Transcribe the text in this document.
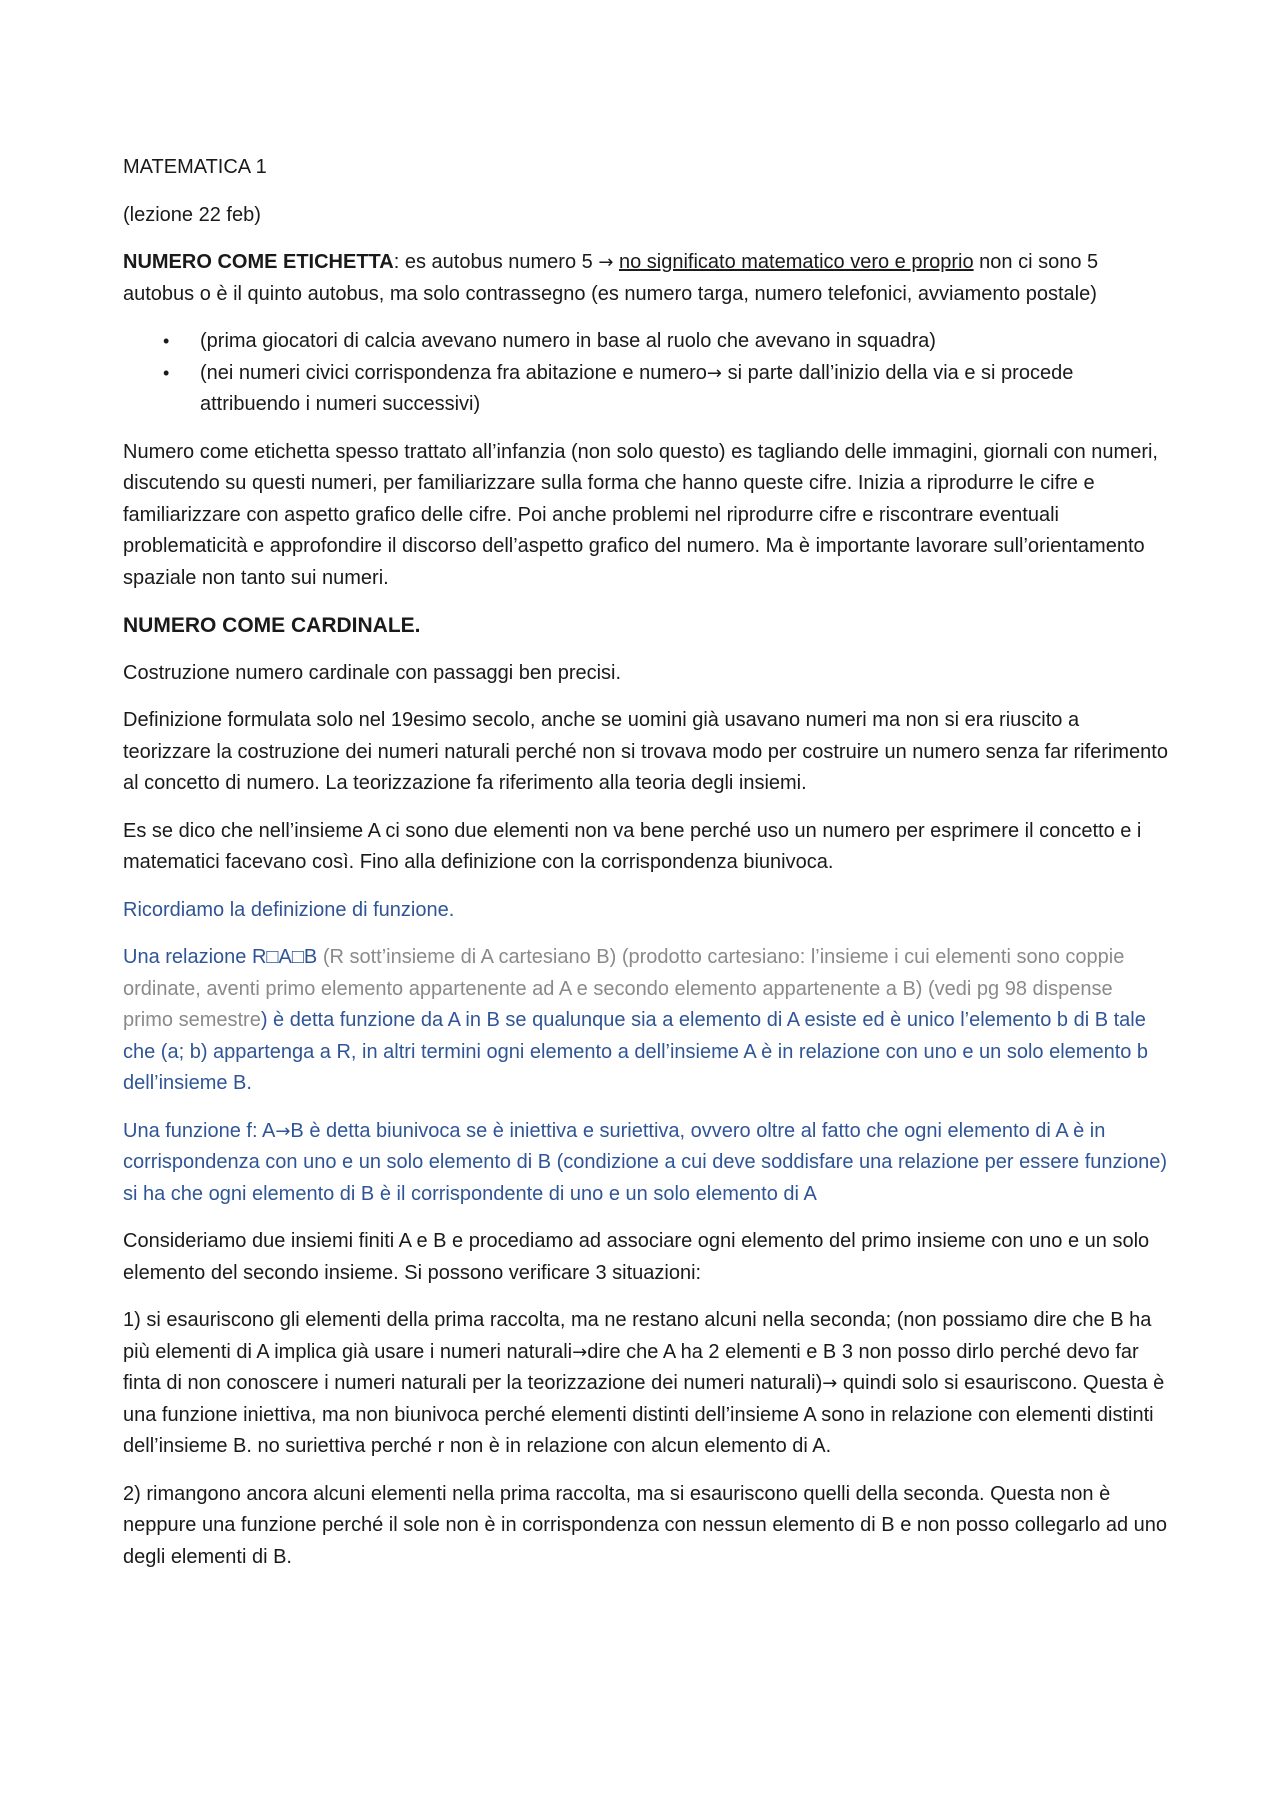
MATEMATICA 1

(lezione 22 feb)

NUMERO COME ETICHETTA: es autobus numero 5 → no significato matematico vero e proprio non ci sono 5 autobus o è il quinto autobus, ma solo contrassegno (es numero targa, numero telefonici, avviamento postale)

• (prima giocatori di calcia avevano numero in base al ruolo che avevano in squadra)
• (nei numeri civici corrispondenza fra abitazione e numero→ si parte dall’inizio della via e si procede attribuendo i numeri successivi)

Numero come etichetta spesso trattato all’infanzia (non solo questo) es tagliando delle immagini, giornali con numeri, discutendo su questi numeri, per familiarizzare sulla forma che hanno queste cifre. Inizia a riprodurre le cifre e familiarizzare con aspetto grafico delle cifre. Poi anche problemi nel riprodurre cifre e riscontrare eventuali problematicità e approfondire il discorso dell’aspetto grafico del numero. Ma è importante lavorare sull’orientamento spaziale non tanto sui numeri.

NUMERO COME CARDINALE.

Costruzione numero cardinale con passaggi ben precisi.

Definizione formulata solo nel 19esimo secolo, anche se uomini già usavano numeri ma non si era riuscito a teorizzare la costruzione dei numeri naturali perché non si trovava modo per costruire un numero senza far riferimento al concetto di numero. La teorizzazione fa riferimento alla teoria degli insiemi.

Es se dico che nell’insieme A ci sono due elementi non va bene perché uso un numero per esprimere il concetto e i matematici facevano così. Fino alla definizione con la corrispondenza biunivoca.

Ricordiamo la definizione di funzione.

Una relazione R□A□B (R sott’insieme di A cartesiano B) (prodotto cartesiano: l’insieme i cui elementi sono coppie ordinate, aventi primo elemento appartenente ad A e secondo elemento appartenente a B) (vedi pg 98 dispense primo semestre) è detta funzione da A in B se qualunque sia a elemento di A esiste ed è unico l’elemento b di B tale che (a; b) appartenga a R, in altri termini ogni elemento a dell’insieme A è in relazione con uno e un solo elemento b dell’insieme B.

Una funzione f: A→B è detta biunivoca se è iniettiva e suriettiva, ovvero oltre al fatto che ogni elemento di A è in corrispondenza con uno e un solo elemento di B (condizione a cui deve soddisfare una relazione per essere funzione) si ha che ogni elemento di B è il corrispondente di uno e un solo elemento di A

Consideriamo due insiemi finiti A e B e procediamo ad associare ogni elemento del primo insieme con uno e un solo elemento del secondo insieme. Si possono verificare 3 situazioni:

1) si esauriscono gli elementi della prima raccolta, ma ne restano alcuni nella seconda; (non possiamo dire che B ha più elementi di A implica già usare i numeri naturali→dire che A ha 2 elementi e B 3 non posso dirlo perché devo far finta di non conoscere i numeri naturali per la teorizzazione dei numeri naturali)→ quindi solo si esauriscono. Questa è una funzione iniettiva, ma non biunivoca perché elementi distinti dell’insieme A sono in relazione con elementi distinti dell’insieme B. no suriettiva perché r non è in relazione con alcun elemento di A.

2) rimangono ancora alcuni elementi nella prima raccolta, ma si esauriscono quelli della seconda. Questa non è neppure una funzione perché il sole non è in corrispondenza con nessun elemento di B e non posso collegarlo ad uno degli elementi di B.
